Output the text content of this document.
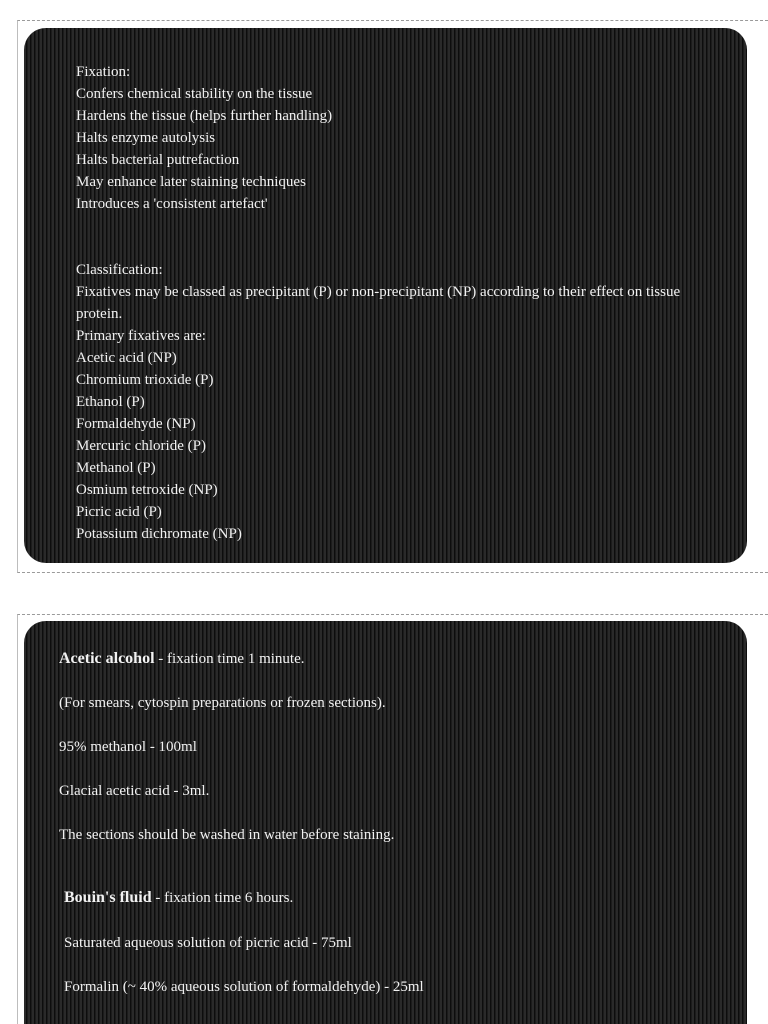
Fixation:
Confers chemical stability on the tissue
Hardens the tissue (helps further handling)
Halts enzyme autolysis
Halts bacterial putrefaction
May enhance later staining techniques
Introduces a 'consistent artefact'
Classification:
Fixatives may be classed as precipitant (P) or non-precipitant (NP) according to their effect on tissue protein.
Primary fixatives are:
Acetic acid (NP)
Chromium trioxide (P)
Ethanol (P)
Formaldehyde (NP)
Mercuric chloride (P)
Methanol (P)
Osmium tetroxide (NP)
Picric acid (P)
Potassium dichromate (NP)
Acetic alcohol - fixation time 1 minute.
(For smears, cytospin preparations or frozen sections).
95% methanol - 100ml
Glacial acetic acid - 3ml.
The sections should be washed in water before staining.
Bouin's fluid - fixation time 6 hours.
Saturated aqueous solution of picric acid - 75ml
Formalin (~ 40% aqueous solution of formaldehyde) - 25ml
